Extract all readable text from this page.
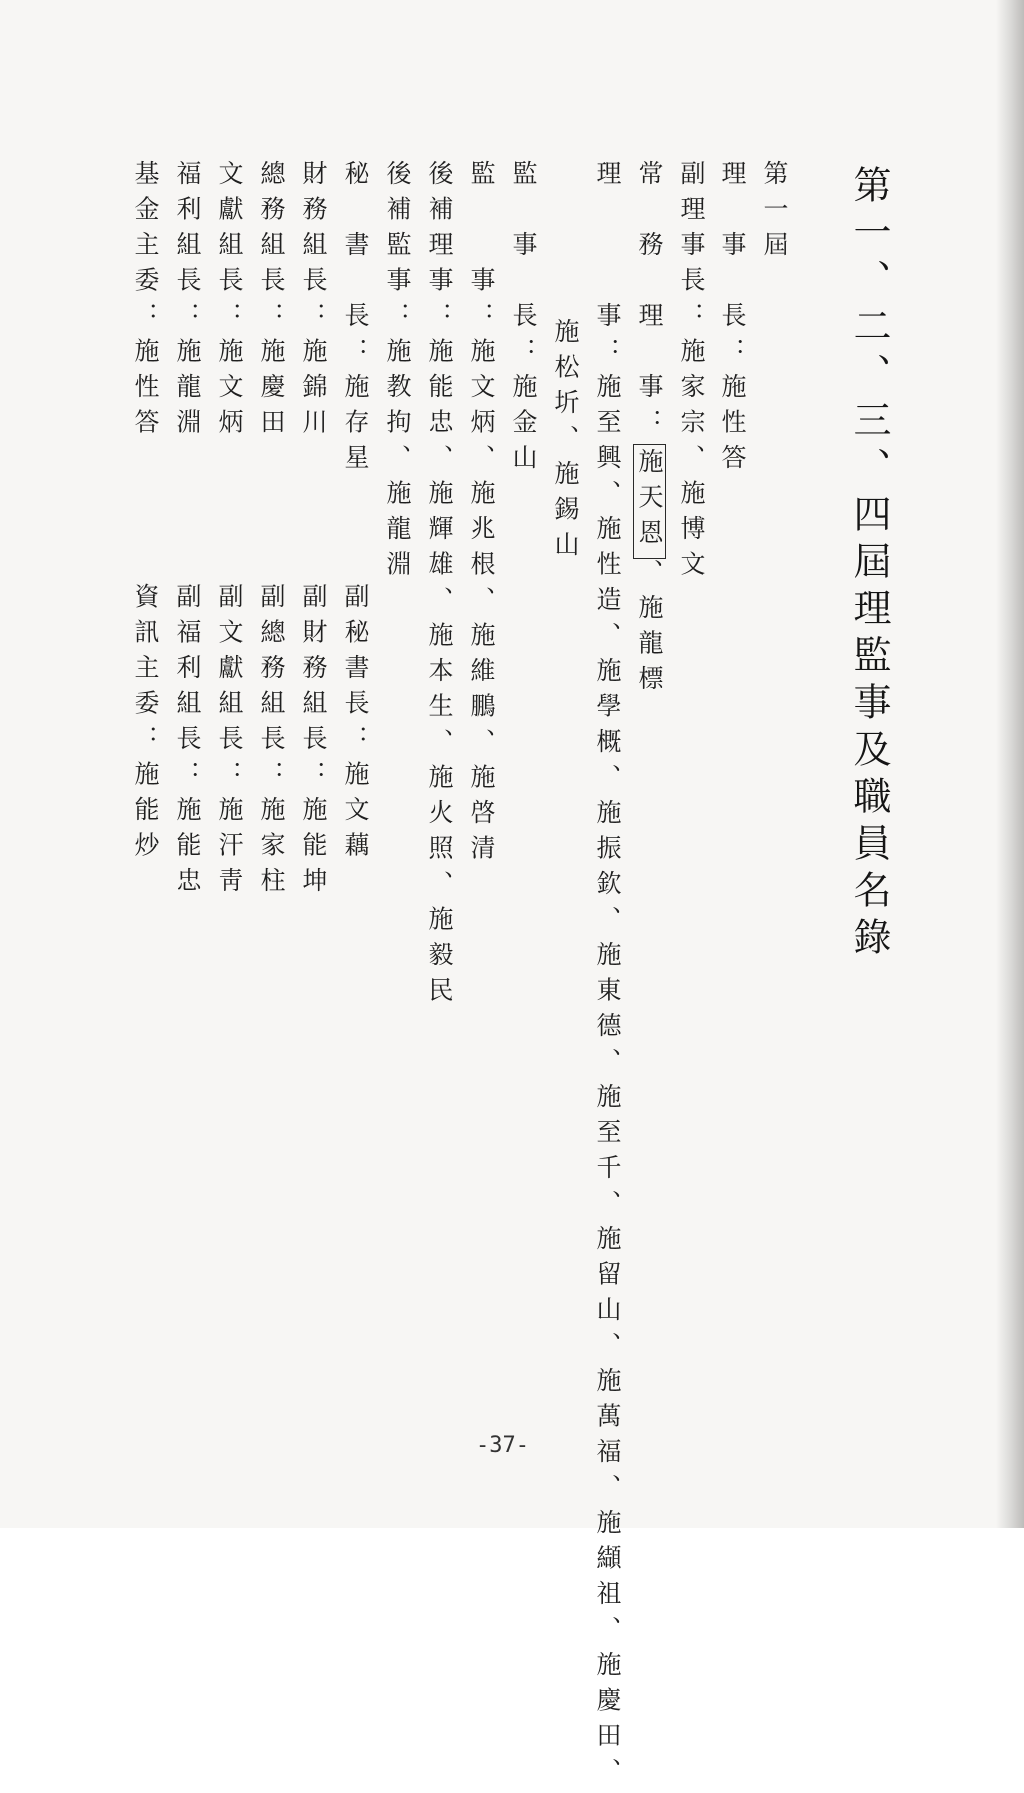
第一、二、三、四屆理監事及職員名錄
第一屆
理　事　長：施性答
副理事長：施家宗、施博文
常　務　理　事：施天恩、施龍標
理　　　事：施至興、施性造、施學概、施振欽、施東德、施至千、施留山、施萬福、施纈祖、施慶田、
施松圻、施錫山
監　事　長：施金山
監　　事：施文炳、施兆根、施維鵬、施啓清
後補理事：施能忠、施輝雄、施本生、施火照、施毅民
後補監事：施教拘、施龍淵
秘　書　長：施存星
財務組長：施錦川
總務組長：施慶田
文獻組長：施文炳
福利組長：施龍淵
基金主委：施性答
副秘書長：施文藕
副財務組長：施能坤
副總務組長：施家柱
副文獻組長：施汗靑
副福利組長：施能忠
資訊主委：施能炒
-37-
